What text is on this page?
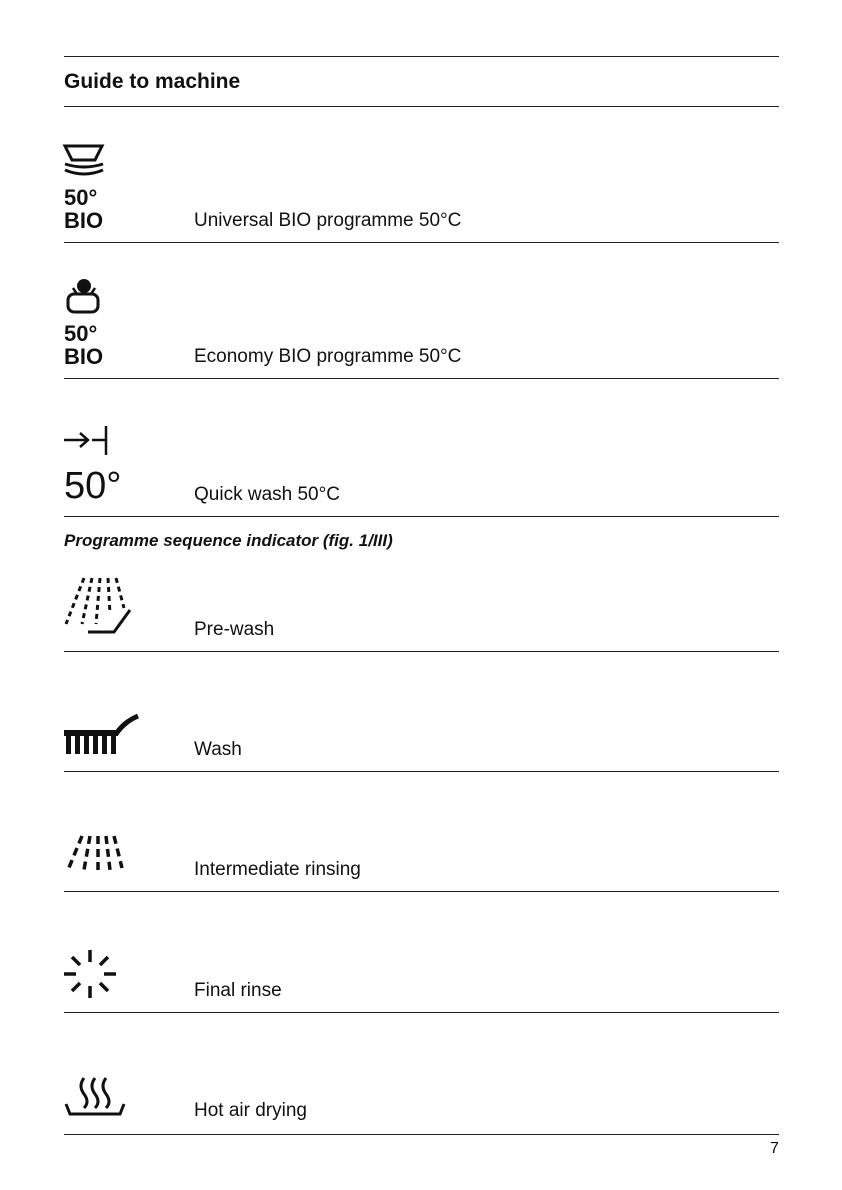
Guide to machine
50°
BIO	Universal BIO programme 50°C
50°
BIO	Economy BIO programme 50°C
50°	Quick wash 50°C
Programme sequence indicator (fig. 1/III)
Pre-wash
Wash
Intermediate rinsing
Final rinse
Hot air drying
7
